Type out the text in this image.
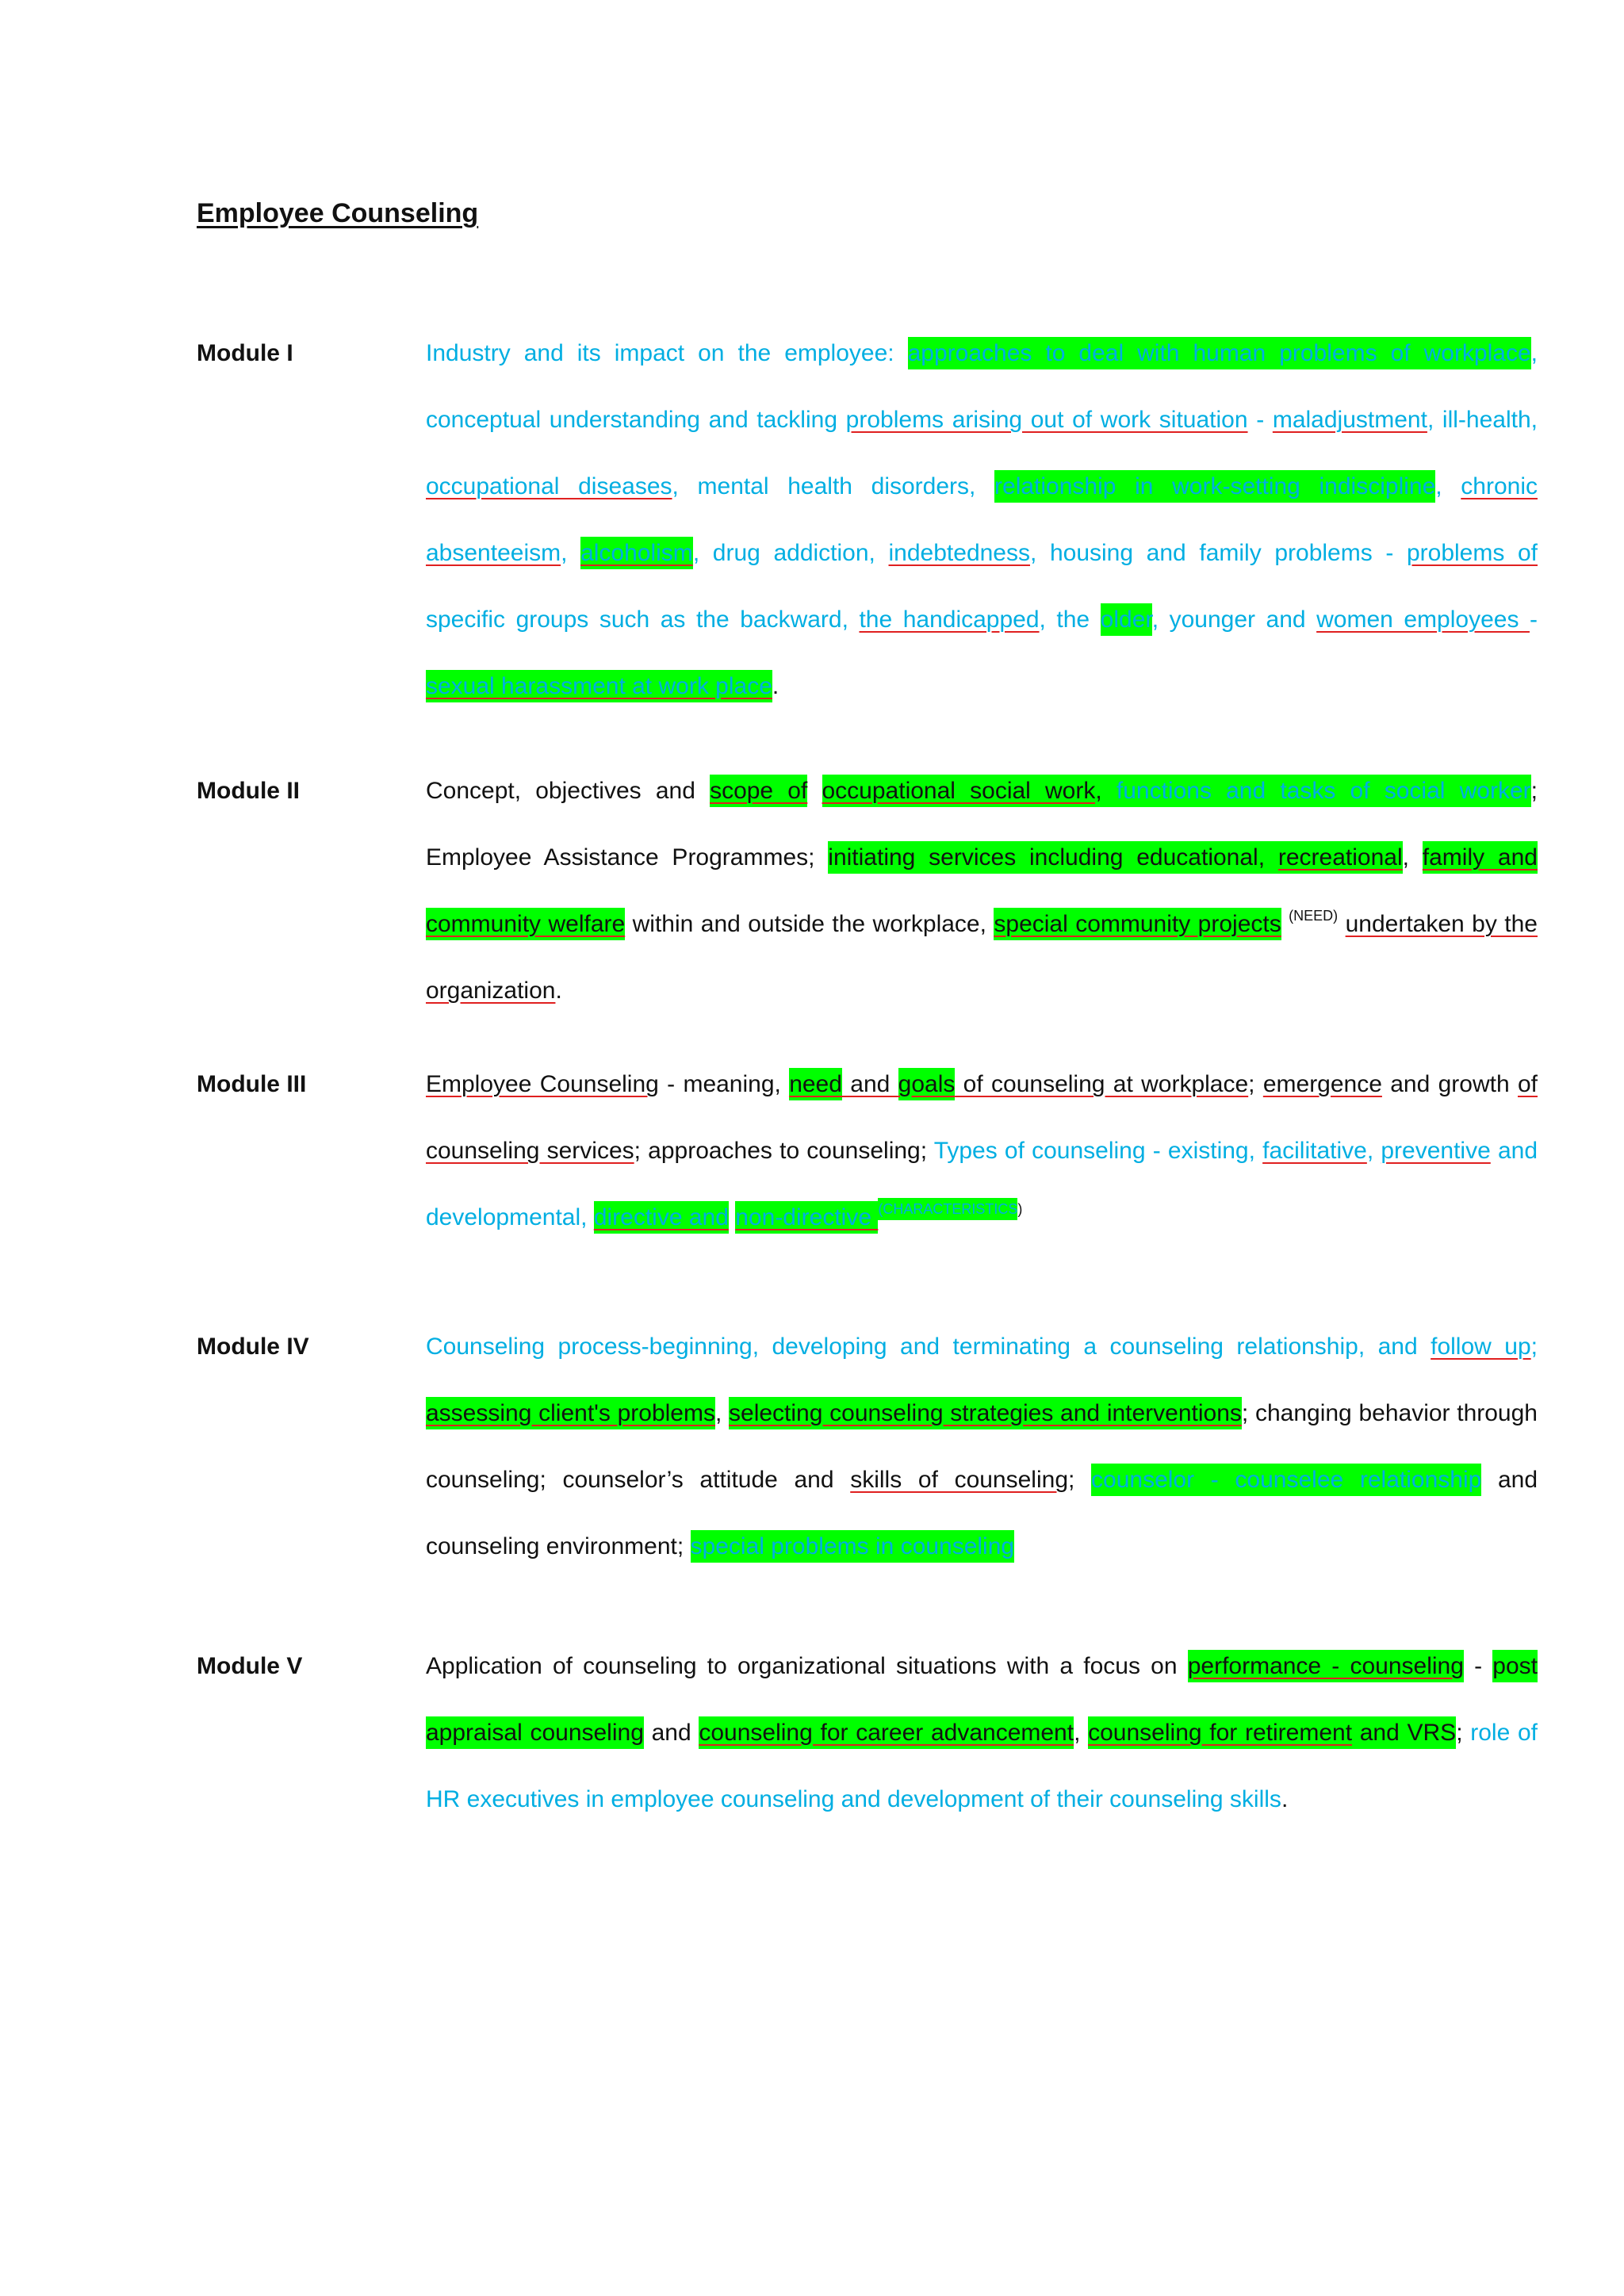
Employee Counseling
Module I	Industry and its impact on the employee: approaches to deal with human problems of workplace, conceptual understanding and tackling problems arising out of work situation - maladjustment, ill-health, occupational diseases, mental health disorders, relationship in work-setting indiscipline, chronic absenteeism, alcoholism, drug addiction, indebtedness, housing and family problems - problems of specific groups such as the backward, the handicapped, the older, younger and women employees - sexual harassment at work place.

Module II	Concept, objectives and scope of occupational social work, functions and tasks of social worker; Employee Assistance Programmes; initiating services including educational, recreational, family and community welfare within and outside the workplace, special community projects $^{(NEED)}$ undertaken by the organization.

Module III	Employee Counseling - meaning, need and goals of counseling at workplace; emergence and growth of counseling services; approaches to counseling; Types of counseling - existing, facilitative, preventive and developmental, directive and non-directive $^{(CHARACTERISTICS)}$

Module IV	Counseling process-beginning, developing and terminating a counseling relationship, and follow up; assessing client's problems, selecting counseling strategies and interventions; changing behavior through counseling; counselor’s attitude and skills of counseling; counselor - counselee relationship and counseling environment; special problems in counseling

Module V	Application of counseling to organizational situations with a focus on performance - counseling - post appraisal counseling and counseling for career advancement, counseling for retirement and VRS; role of HR executives in employee counseling and development of their counseling skills.
